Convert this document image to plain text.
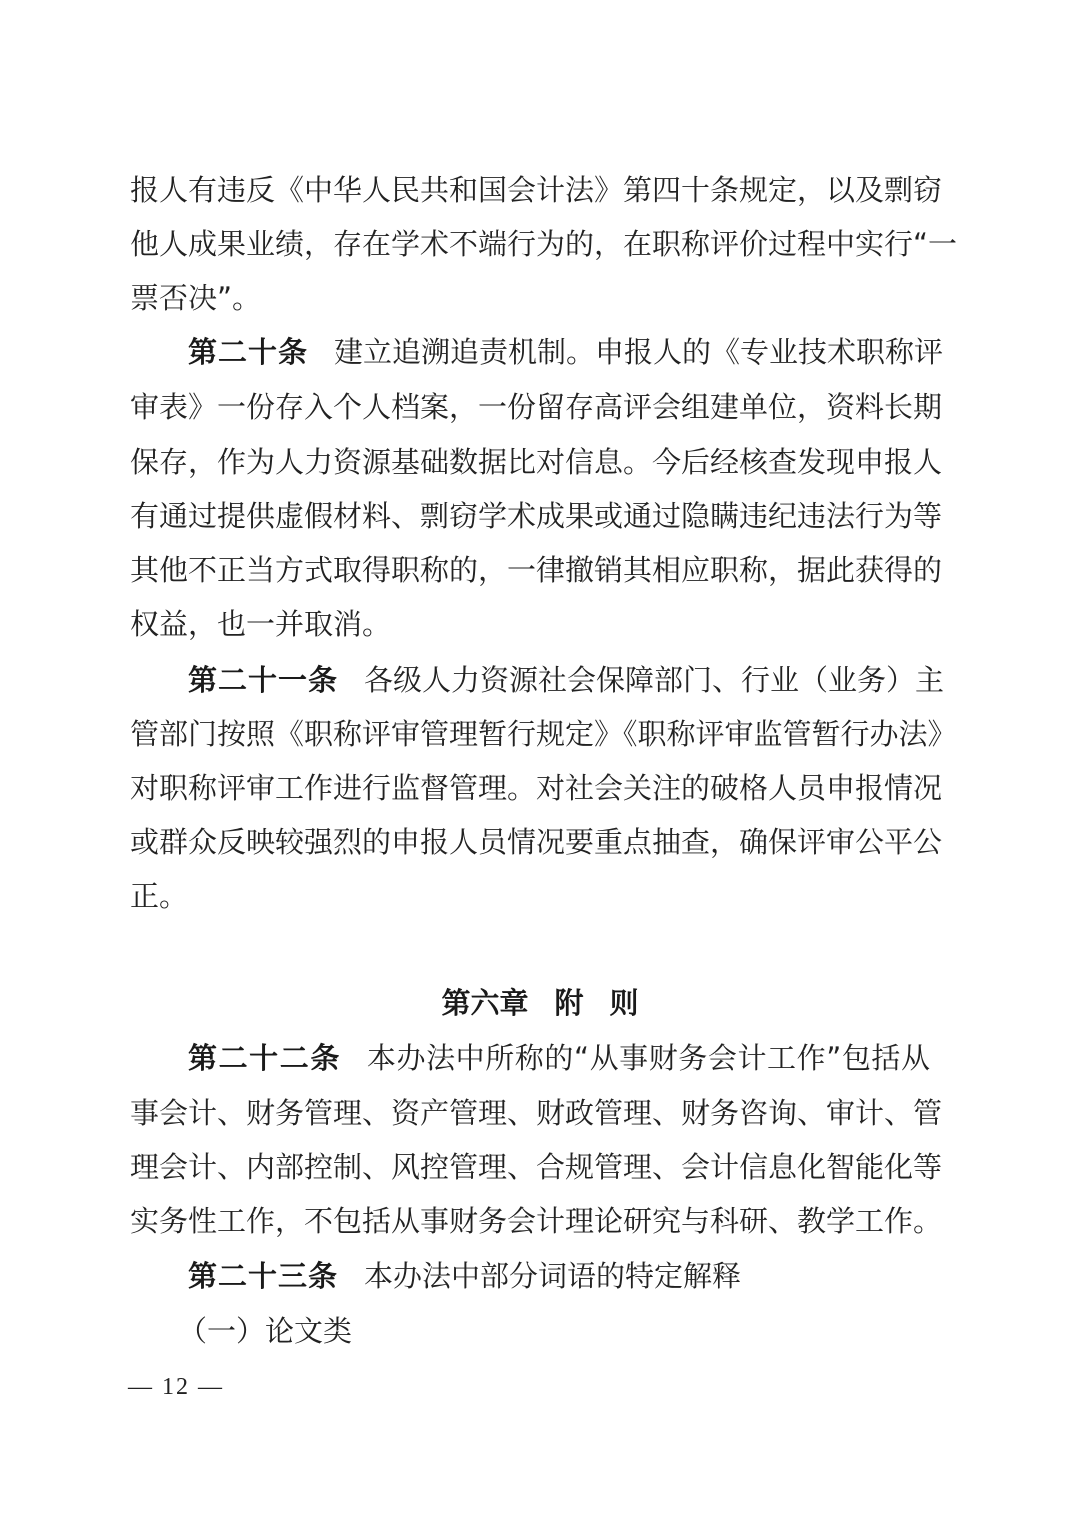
报人有违反《中华人民共和国会计法》第四十条规定，以及剽窃
他人成果业绩，存在学术不端行为的，在职称评价过程中实行“一
票否决”。
第二十条 建立追溯追责机制。申报人的《专业技术职称评
审表》一份存入个人档案，一份留存高评会组建单位，资料长期
保存，作为人力资源基础数据比对信息。今后经核查发现申报人
有通过提供虚假材料、剽窃学术成果或通过隐瞒违纪违法行为等
其他不正当方式取得职称的，一律撤销其相应职称，据此获得的
权益，也一并取消。
第二十一条 各级人力资源社会保障部门、行业（业务）主
管部门按照《职称评审管理暂行规定》《职称评审监管暂行办法》
对职称评审工作进行监督管理。对社会关注的破格人员申报情况
或群众反映较强烈的申报人员情况要重点抽查，确保评审公平公
正。
第六章 附 则
第二十二条 本办法中所称的“从事财务会计工作”包括从
事会计、财务管理、资产管理、财政管理、财务咨询、审计、管
理会计、内部控制、风控管理、合规管理、会计信息化智能化等
实务性工作，不包括从事财务会计理论研究与科研、教学工作。
第二十三条 本办法中部分词语的特定解释
（一）论文类
— 12 —
